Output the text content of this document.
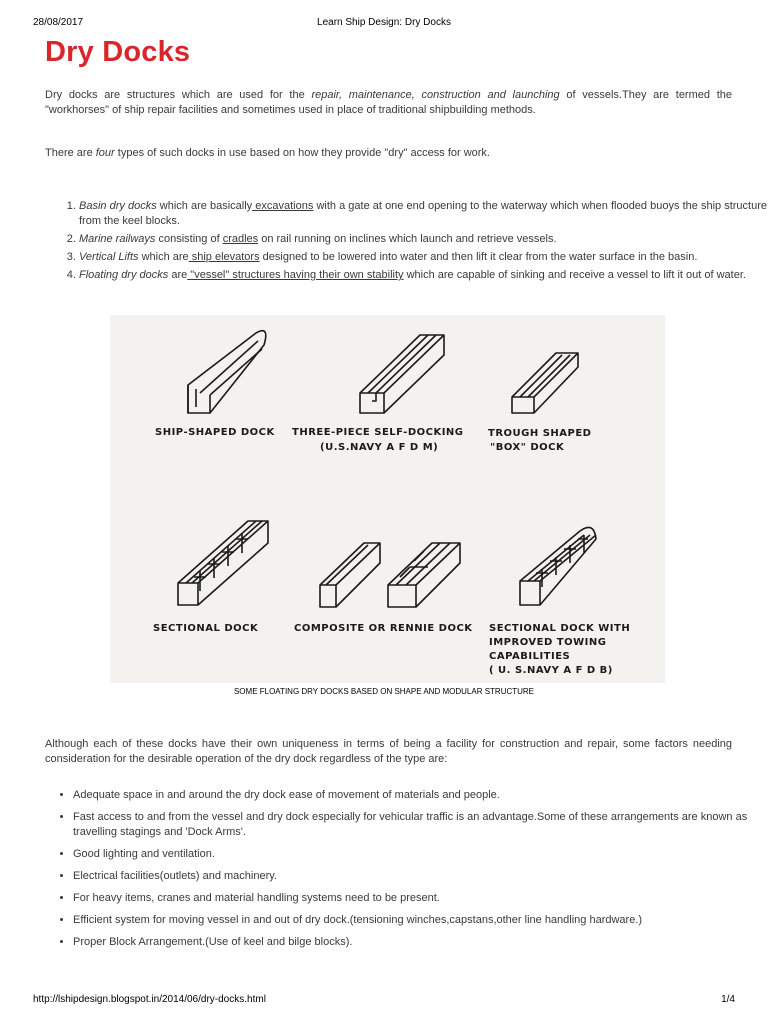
28/08/2017	Learn Ship Design: Dry Docks
Dry Docks
Dry docks are structures which are used for the repair, maintenance, construction and launching of vessels.They are termed the "workhorses" of ship repair facilities and sometimes used in place of traditional shipbuilding methods.
There are four types of such docks in use based on how they provide "dry" access for work.
1. Basin dry docks which are basically excavations with a gate at one end opening to the waterway which when flooded buoys the ship structure from the keel blocks.
2. Marine railways consisting of cradles on rail running on inclines which launch and retrieve vessels.
3. Vertical Lifts which are ship elevators designed to be lowered into water and then lift it clear from the water surface in the basin.
4. Floating dry docks are "vessel" structures having their own stability which are capable of sinking and receive a vessel to lift it out of water.
SHIP-SHAPED DOCK THREE-PIECE SELF-DOCKING
(U.S.NAVY A F D M)
TROUGH SHAPED
"BOX" DOCK
SECTIONAL DOCK	COMPOSITE OR RENNIE DOCK SECTIONAL DOCK WITH
IMPROVED TOWING
CAPABILITIES
( U. S.NAVY A F D B)
SOME FLOATING DRY DOCKS BASED ON SHAPE AND MODULAR STRUCTURE
Although each of these docks have their own uniqueness in terms of being a facility for construction and repair, some factors needing consideration for the desirable operation of the dry dock regardless of the type are:
• Adequate space in and around the dry dock ease of movement of materials and people.
• Fast access to and from the vessel and dry dock especially for vehicular traffic is an advantage.Some of these arrangements are known as travelling stagings and 'Dock Arms'.
• Good lighting and ventilation.
• Electrical facilities(outlets) and machinery.
• For heavy items, cranes and material handling systems need to be present.
• Efficient system for moving vessel in and out of dry dock.(tensioning winches,capstans,other line handling hardware.)
• Proper Block Arrangement.(Use of keel and bilge blocks).
http://lshipdesign.blogspot.in/2014/06/dry-docks.html	1/4
